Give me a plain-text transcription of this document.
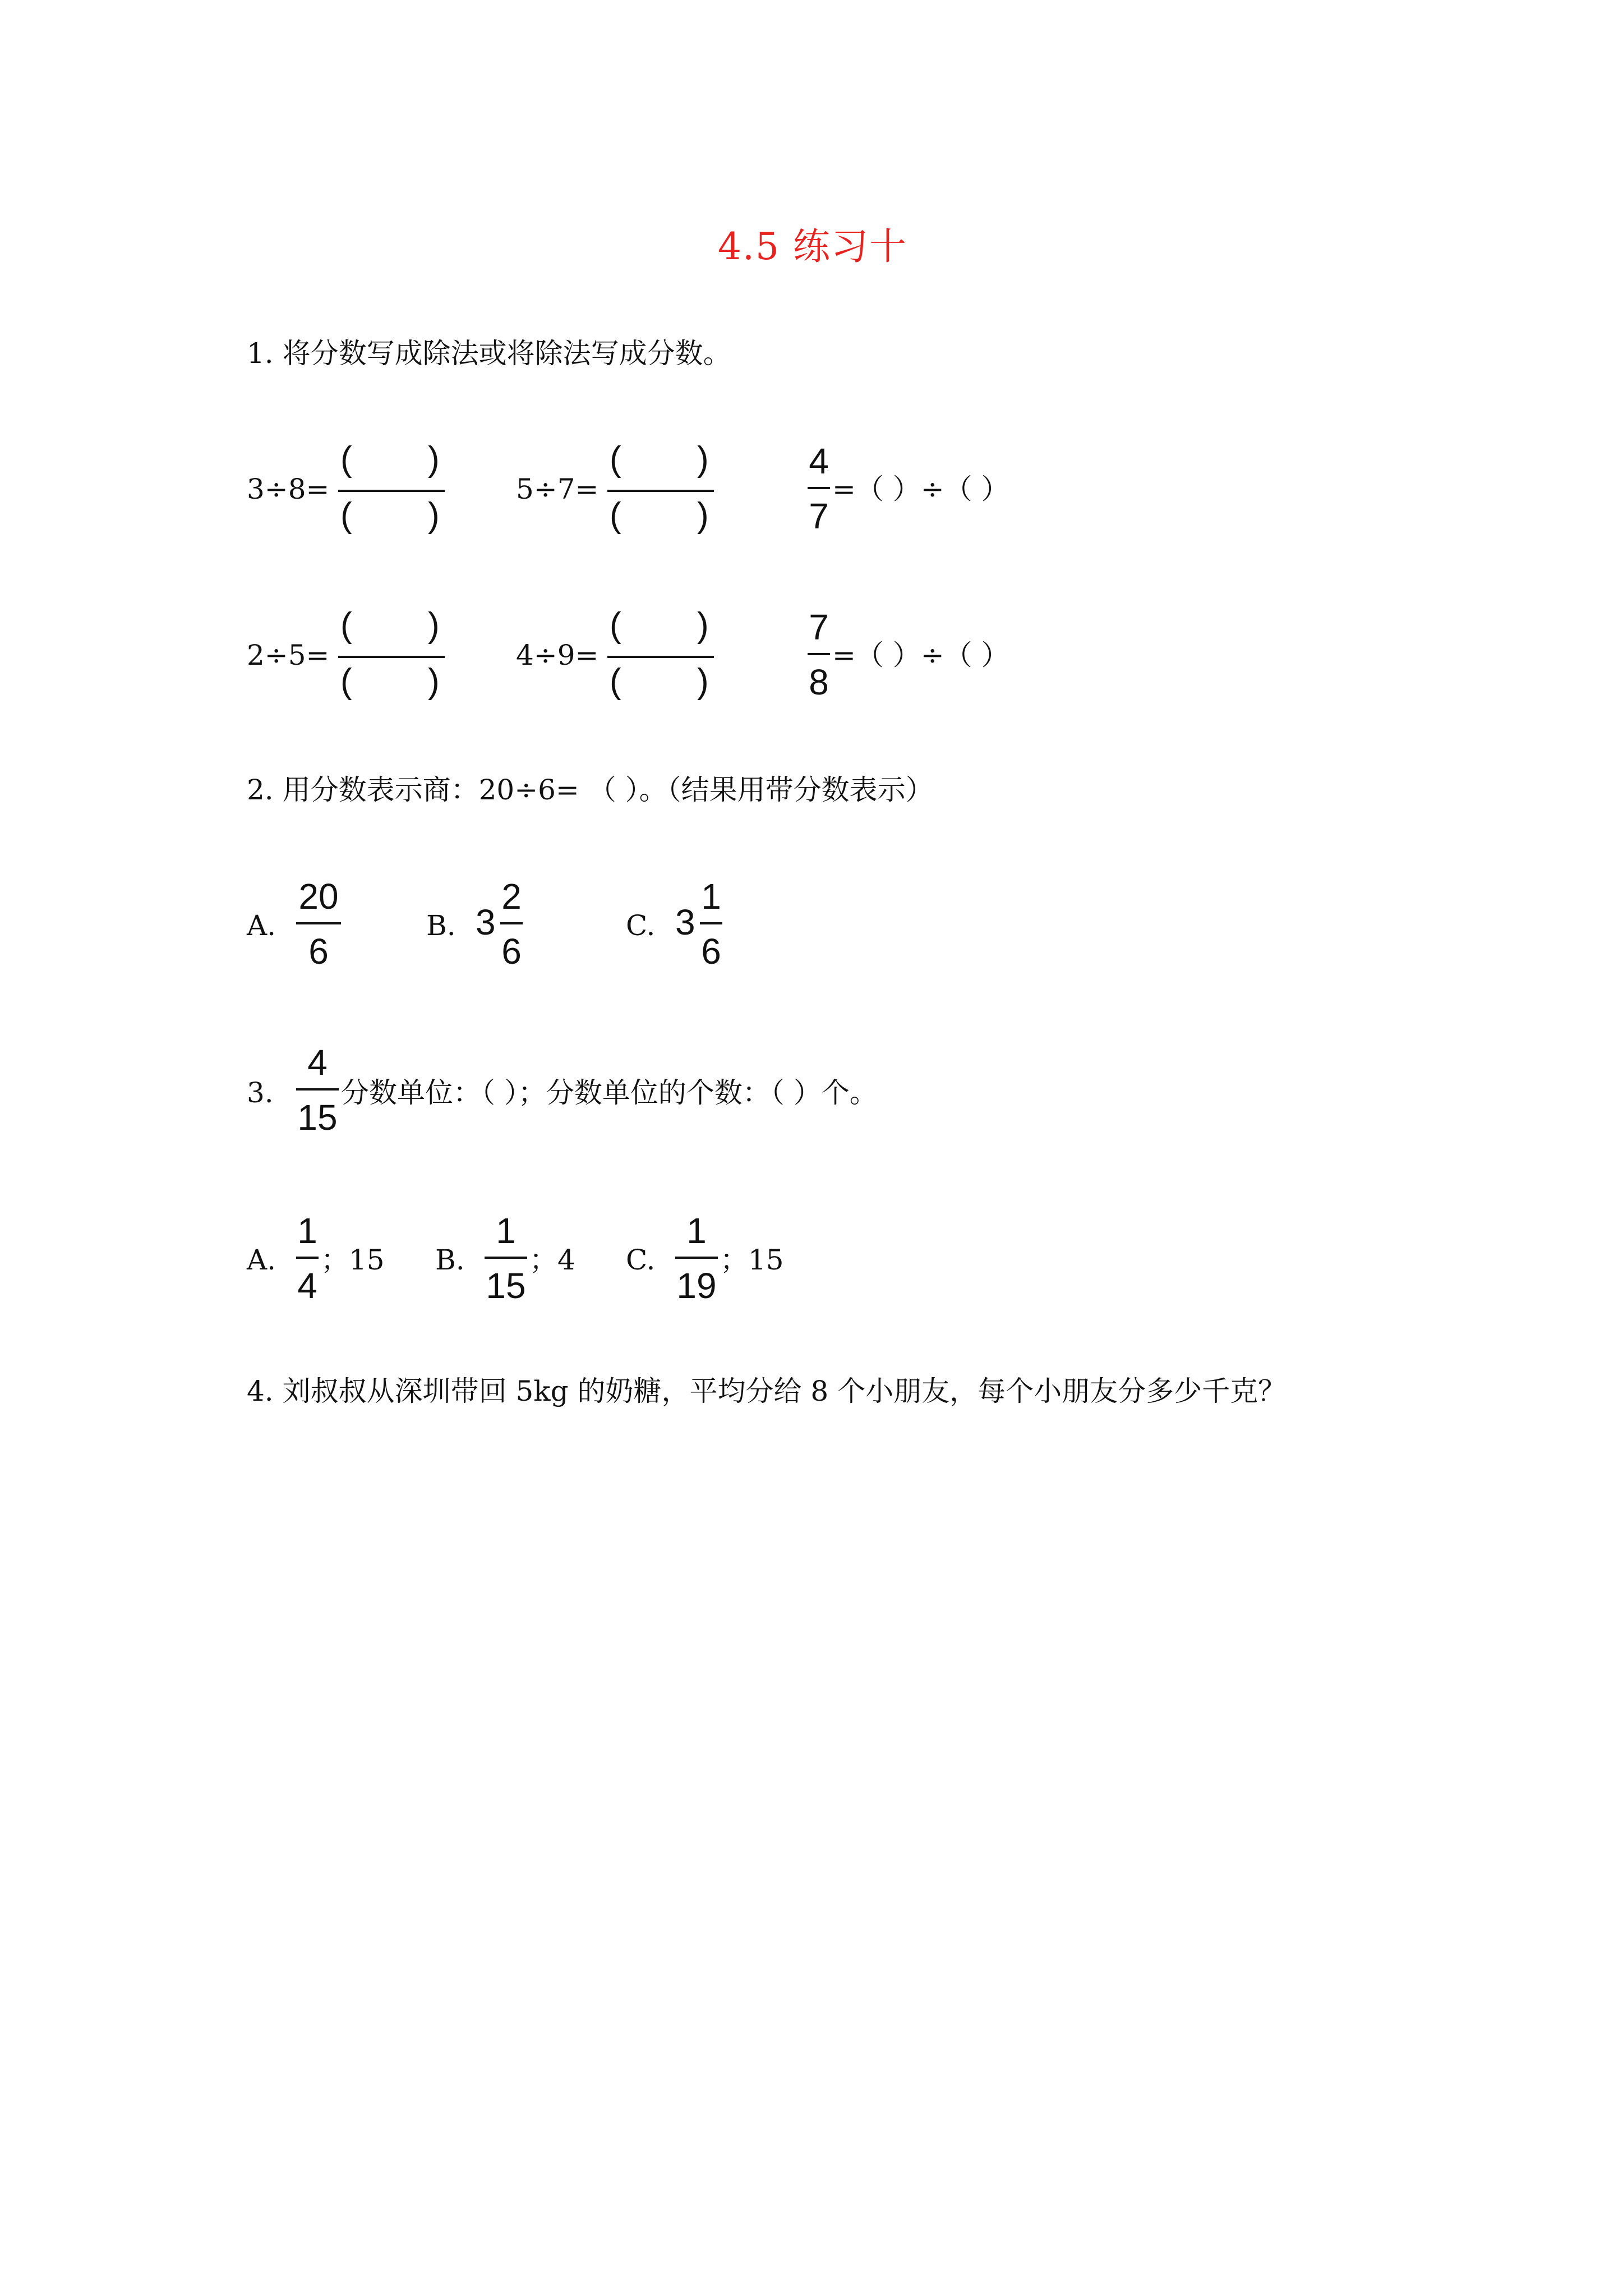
4.5 练习十
1. 将分数写成除法或将除法写成分数。
3÷8=
( )
( )
5÷7=
( )
( )
4
7
=（ ）÷（ ）
2÷5=
( )
( )
4÷9=
( )
( )
7
8
=（ ）÷（ ）
2. 用分数表示商：20÷6= （ ）。（结果用带分数表示）
A.
20
6
B. 3
2
6
C. 3
1
6
3.
4
15
分数单位：（ ）；分数单位的个数：（ ）个。
A.
1
4
；15 B.
1
15
；4 C.
1
19
；15
4. 刘叔叔从深圳带回 5kg 的奶糖，平均分给 8 个小朋友，每个小朋友分多少千克？
